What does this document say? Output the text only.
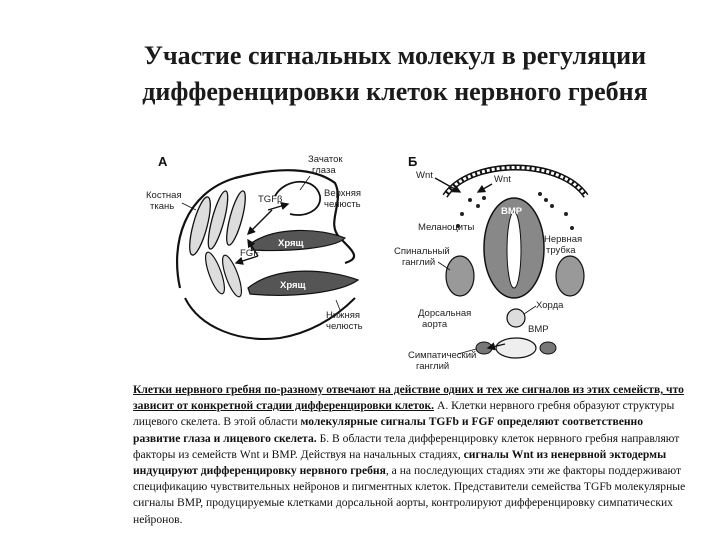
Участие сигнальных молекул в регуляции
дифференцировки клеток нервного гребня
А
Хрящ
Хрящ
Зачаток
глаза
Костная
ткань
TGFβ
Верхняя
челюсть
FGF
Нижняя
челюсть
Б
BMP
Wnt	Wnt
Меланоциты
Нервная
трубка
Спинальный
ганглий
Хорда
Дорсальная
аорта	BMP
Симпатический
ганглий
Клетки нервного гребня по-разному отвечают на действие одних и тех же сигналов из этих семейств, что зависит от конкретной стадии дифференцировки клеток. А. Клетки нервного гребня образуют структуры лицевого скелета. В этой области молекулярные сигналы TGFb и FGF определяют соответственно развитие глаза и лицевого скелета. Б. В области тела дифференцировку клеток нервного гребня направляют факторы из семейств Wnt и BMP. Действуя на начальных стадиях, сигналы Wnt из ненервной эктодермы индуцируют дифференцировку нервного гребня, а на последующих стадиях эти же факторы поддерживают спецификацию чувствительных нейронов и пигментных клеток. Представители семейства TGFb молекулярные сигналы BMP, продуцируемые клетками дорсальной аорты, контролируют дифференцировку симпатических нейронов.
